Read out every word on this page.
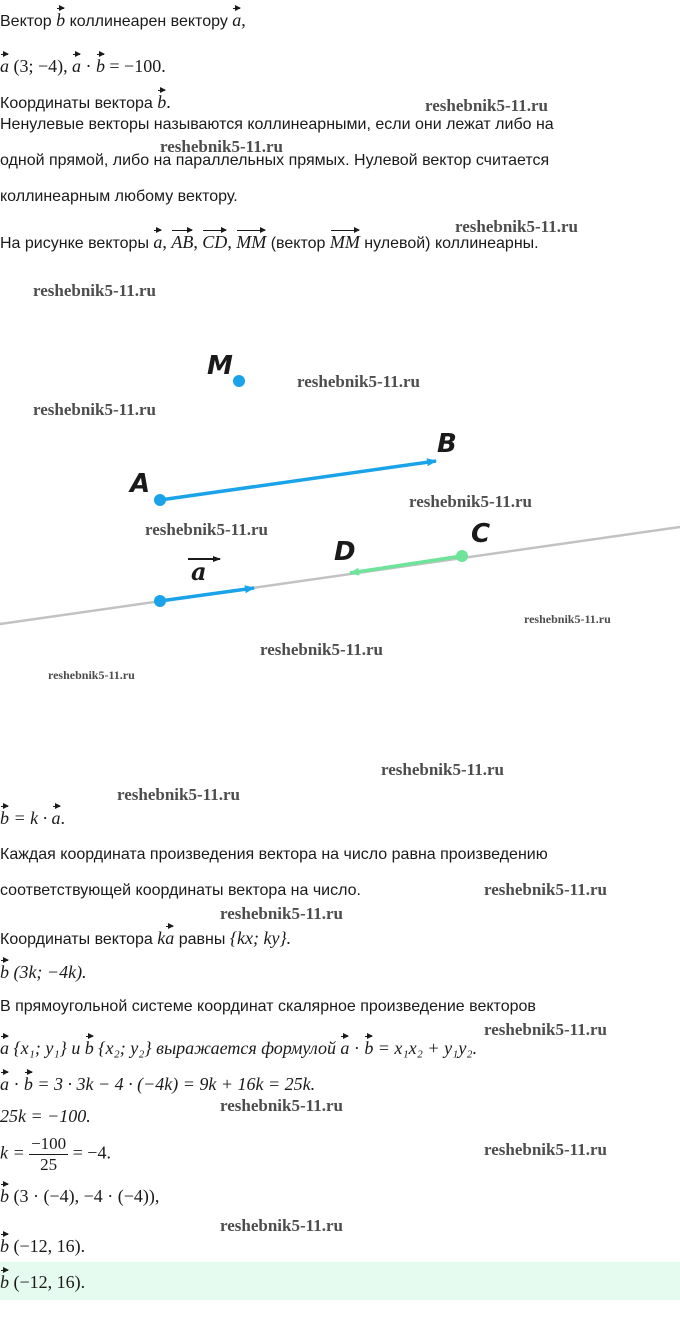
Вектор b коллинеарен вектору a,
a (3; −4), a · b = −100.
Координаты вектора b.
Ненулевые векторы называются коллинеарными, если они лежат либо на
одной прямой, либо на параллельных прямых. Нулевой вектор считается
коллинеарным любому вектору.
На рисунке векторы a, AB, CD, MM (вектор MM нулевой) коллинеарны.
M
A
B
C
D
a
b = k · a.
Каждая координата произведения вектора на число равна произведению
соответствующей координаты вектора на число.
Координаты вектора ka равны {kx; ky}.
b (3k; −4k).
В прямоугольной системе координат скалярное произведение векторов
a {x₁; y₁} и b {x₂; y₂} выражается формулой a · b = x₁x₂ + y₁y₂.
a · b = 3 · 3k − 4 · (−4k) = 9k + 16k = 25k.
25k = −100.
$k = \frac{-100}{25} = -4$.
b (3 · (−4), −4 · (−4)),
b (−12, 16).
b (−12, 16).
reshebnik5-11.ru
reshebnik5-11.ru
reshebnik5-11.ru
reshebnik5-11.ru
reshebnik5-11.ru
reshebnik5-11.ru
reshebnik5-11.ru
reshebnik5-11.ru
reshebnik5-11.ru
reshebnik5-11.ru
reshebnik5-11.ru
reshebnik5-11.ru
reshebnik5-11.ru
reshebnik5-11.ru
reshebnik5-11.ru
reshebnik5-11.ru
reshebnik5-11.ru
reshebnik5-11.ru
reshebnik5-11.ru
